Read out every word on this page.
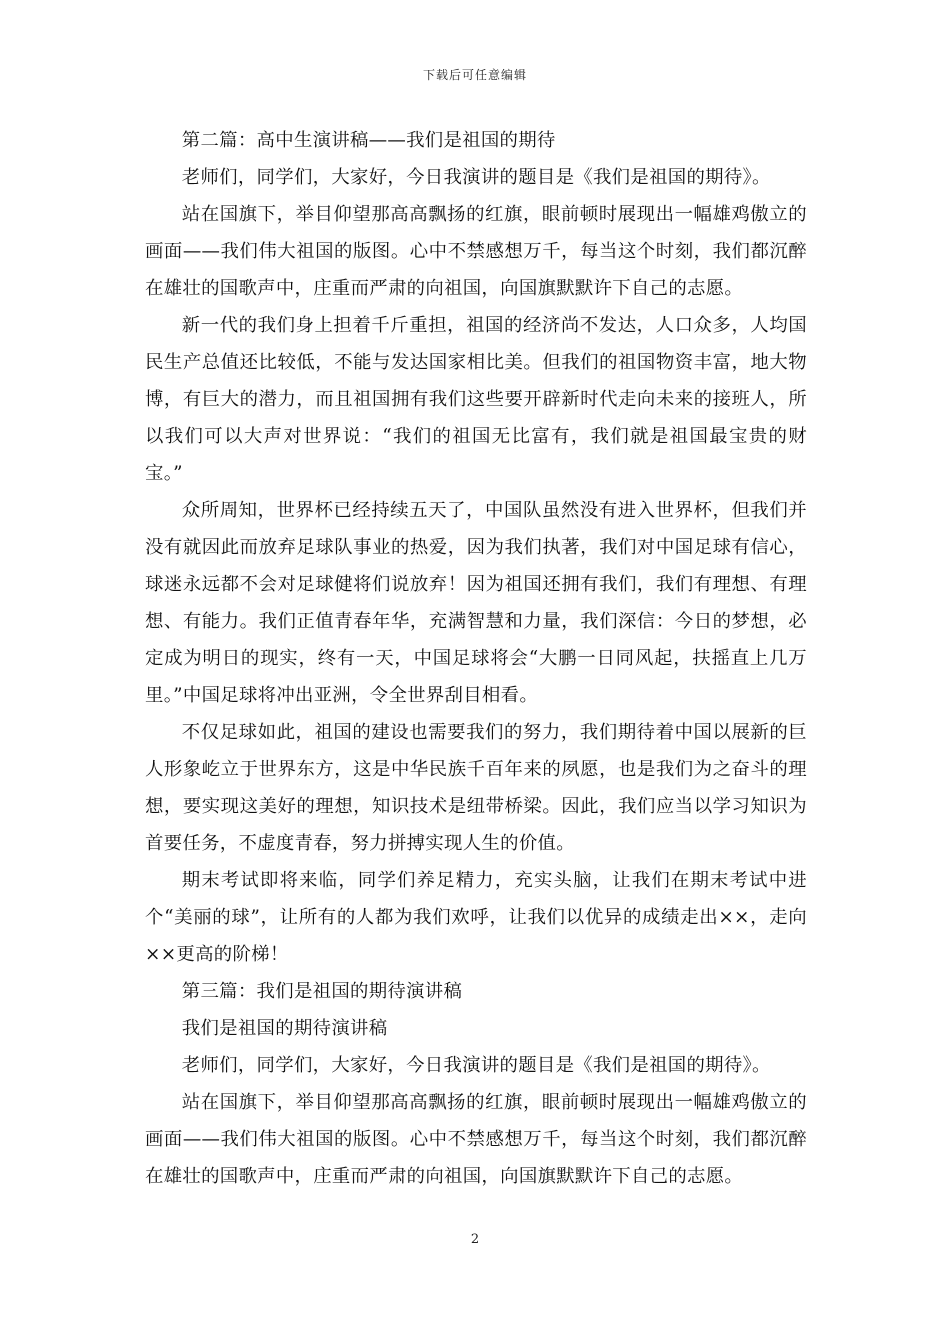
下载后可任意编辑

第二篇：高中生演讲稿——我们是祖国的期待

老师们，同学们，大家好，今日我演讲的题目是《我们是祖国的期待》。

站在国旗下，举目仰望那高高飘扬的红旗，眼前顿时展现出一幅雄鸡傲立的画面——我们伟大祖国的版图。心中不禁感想万千，每当这个时刻，我们都沉醉在雄壮的国歌声中，庄重而严肃的向祖国，向国旗默默许下自己的志愿。

新一代的我们身上担着千斤重担，祖国的经济尚不发达，人口众多，人均国民生产总值还比较低，不能与发达国家相比美。但我们的祖国物资丰富，地大物博，有巨大的潜力，而且祖国拥有我们这些要开辟新时代走向未来的接班人，所以我们可以大声对世界说：“我们的祖国无比富有，我们就是祖国最宝贵的财宝。”

众所周知，世界杯已经持续五天了，中国队虽然没有进入世界杯，但我们并没有就因此而放弃足球队事业的热爱，因为我们执著，我们对中国足球有信心，球迷永远都不会对足球健将们说放弃！因为祖国还拥有我们，我们有理想、有理想、有能力。我们正值青春年华，充满智慧和力量，我们深信：今日的梦想，必定成为明日的现实，终有一天，中国足球将会“大鹏一日同风起，扶摇直上几万里。”中国足球将冲出亚洲，令全世界刮目相看。

不仅足球如此，祖国的建设也需要我们的努力，我们期待着中国以展新的巨人形象屹立于世界东方，这是中华民族千百年来的夙愿，也是我们为之奋斗的理想，要实现这美好的理想，知识技术是纽带桥梁。因此，我们应当以学习知识为首要任务，不虚度青春，努力拼搏实现人生的价值。

期末考试即将来临，同学们养足精力，充实头脑，让我们在期末考试中进个“美丽的球”，让所有的人都为我们欢呼，让我们以优异的成绩走出××，走向××更高的阶梯！

第三篇：我们是祖国的期待演讲稿

我们是祖国的期待演讲稿

老师们，同学们，大家好，今日我演讲的题目是《我们是祖国的期待》。

站在国旗下，举目仰望那高高飘扬的红旗，眼前顿时展现出一幅雄鸡傲立的画面——我们伟大祖国的版图。心中不禁感想万千，每当这个时刻，我们都沉醉在雄壮的国歌声中，庄重而严肃的向祖国，向国旗默默许下自己的志愿。

2
